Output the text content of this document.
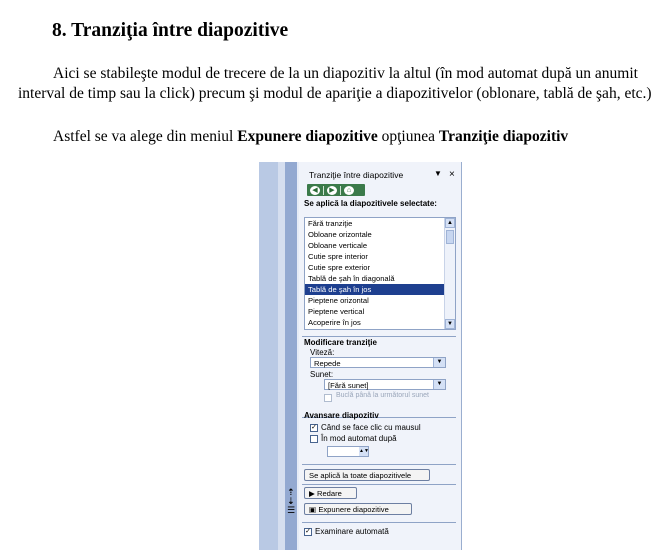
8. Tranziţia între diapozitive

Aici se stabileşte modul de trecere de la un diapozitiv la altul (în mod automat după un anumit interval de timp sau la click) precum şi modul de apariţie a diapozitivelor (oblonare, tablă de şah, etc.)

Astfel se va alege din meniul Expunere diapozitive opţiunea Tranziţie diapozitiv

⇡
⇣
☰
Tranziţie între diapozitive	▼ ×
◀	▶	⌂
Se aplică la diapozitivele selectate:
Fără tranziţie
Obloane orizontale
Obloane verticale
Cutie spre interior
Cutie spre exterior
Tablă de şah în diagonală
Tablă de şah în jos
Pieptene orizontal
Pieptene vertical
Acoperire în jos
▲
▼
Modificare tranziţie
Viteză:
Repede	▼
Sunet:
[Fără sunet]	▼
Buclă până la următorul sunet
Avansare diapozitiv
✓ Când se face clic cu mausul
În mod automat după
▲▼
Se aplică la toate diapozitivele
▶ Redare
▣ Expunere diapozitive
✓ Examinare automată
